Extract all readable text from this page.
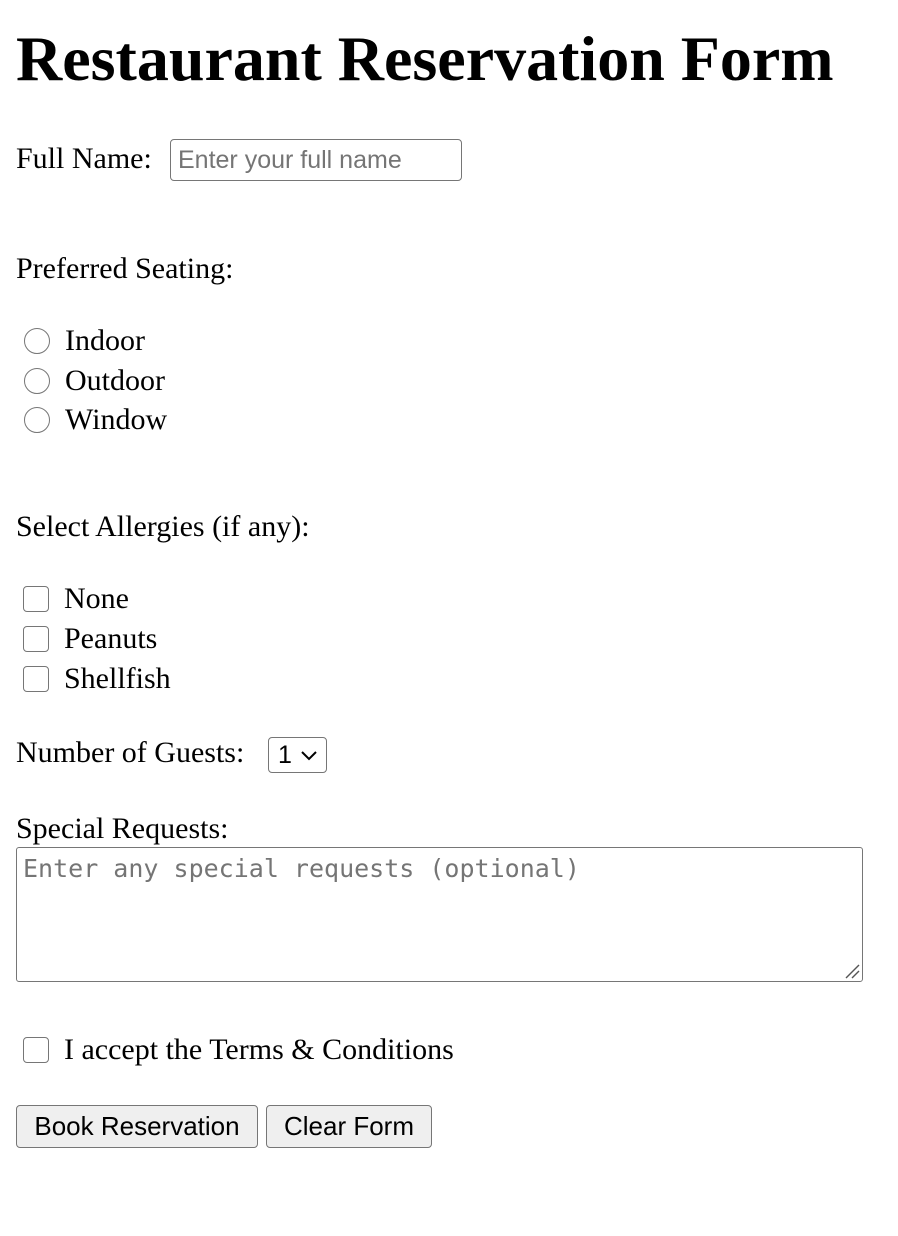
Restaurant Reservation Form
Full Name:
Enter your full name
Preferred Seating:
Indoor
Outdoor
Window
Select Allergies (if any):
None
Peanuts
Shellfish
Number of Guests: 1
Special Requests:
Enter any special requests (optional)
I accept the Terms & Conditions
Book Reservation	Clear Form
